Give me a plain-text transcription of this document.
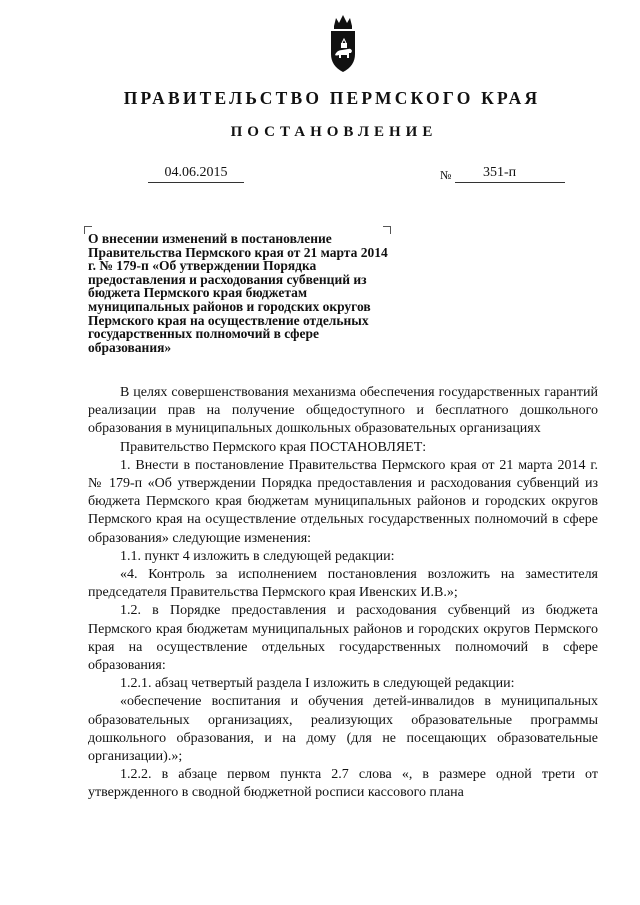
ПРАВИТЕЛЬСТВО ПЕРМСКОГО КРАЯ
ПОСТАНОВЛЕНИЕ
04.06.2015	№	351-п
О внесении изменений в постановление Правительства Пермского края от 21 марта 2014 г. № 179-п «Об утверждении Порядка предоставления и расходования субвенций из бюджета Пермского края бюджетам муниципальных районов и городских округов Пермского края на осуществление отдельных государственных полномочий в сфере образования»

В целях совершенствования механизма обеспечения государственных гарантий реализации прав на получение общедоступного и бесплатного дошкольного образования в муниципальных дошкольных образовательных организациях

Правительство Пермского края ПОСТАНОВЛЯЕТ:

1. Внести в постановление Правительства Пермского края от 21 марта 2014 г. № 179-п «Об утверждении Порядка предоставления и расходования субвенций из бюджета Пермского края бюджетам муниципальных районов и городских округов Пермского края на осуществление отдельных государственных полномочий в сфере образования» следующие изменения:

1.1. пункт 4 изложить в следующей редакции:

«4. Контроль за исполнением постановления возложить на заместителя председателя Правительства Пермского края Ивенских И.В.»;

1.2. в Порядке предоставления и расходования субвенций из бюджета Пермского края бюджетам муниципальных районов и городских округов Пермского края на осуществление отдельных государственных полномочий в сфере образования:

1.2.1. абзац четвертый раздела I изложить в следующей редакции:

«обеспечение воспитания и обучения детей-инвалидов в муниципальных образовательных организациях, реализующих образовательные программы дошкольного образования, и на дому (для не посещающих образовательные организации).»;

1.2.2. в абзаце первом пункта 2.7 слова «, в размере одной трети от утвержденного в сводной бюджетной росписи кассового плана
